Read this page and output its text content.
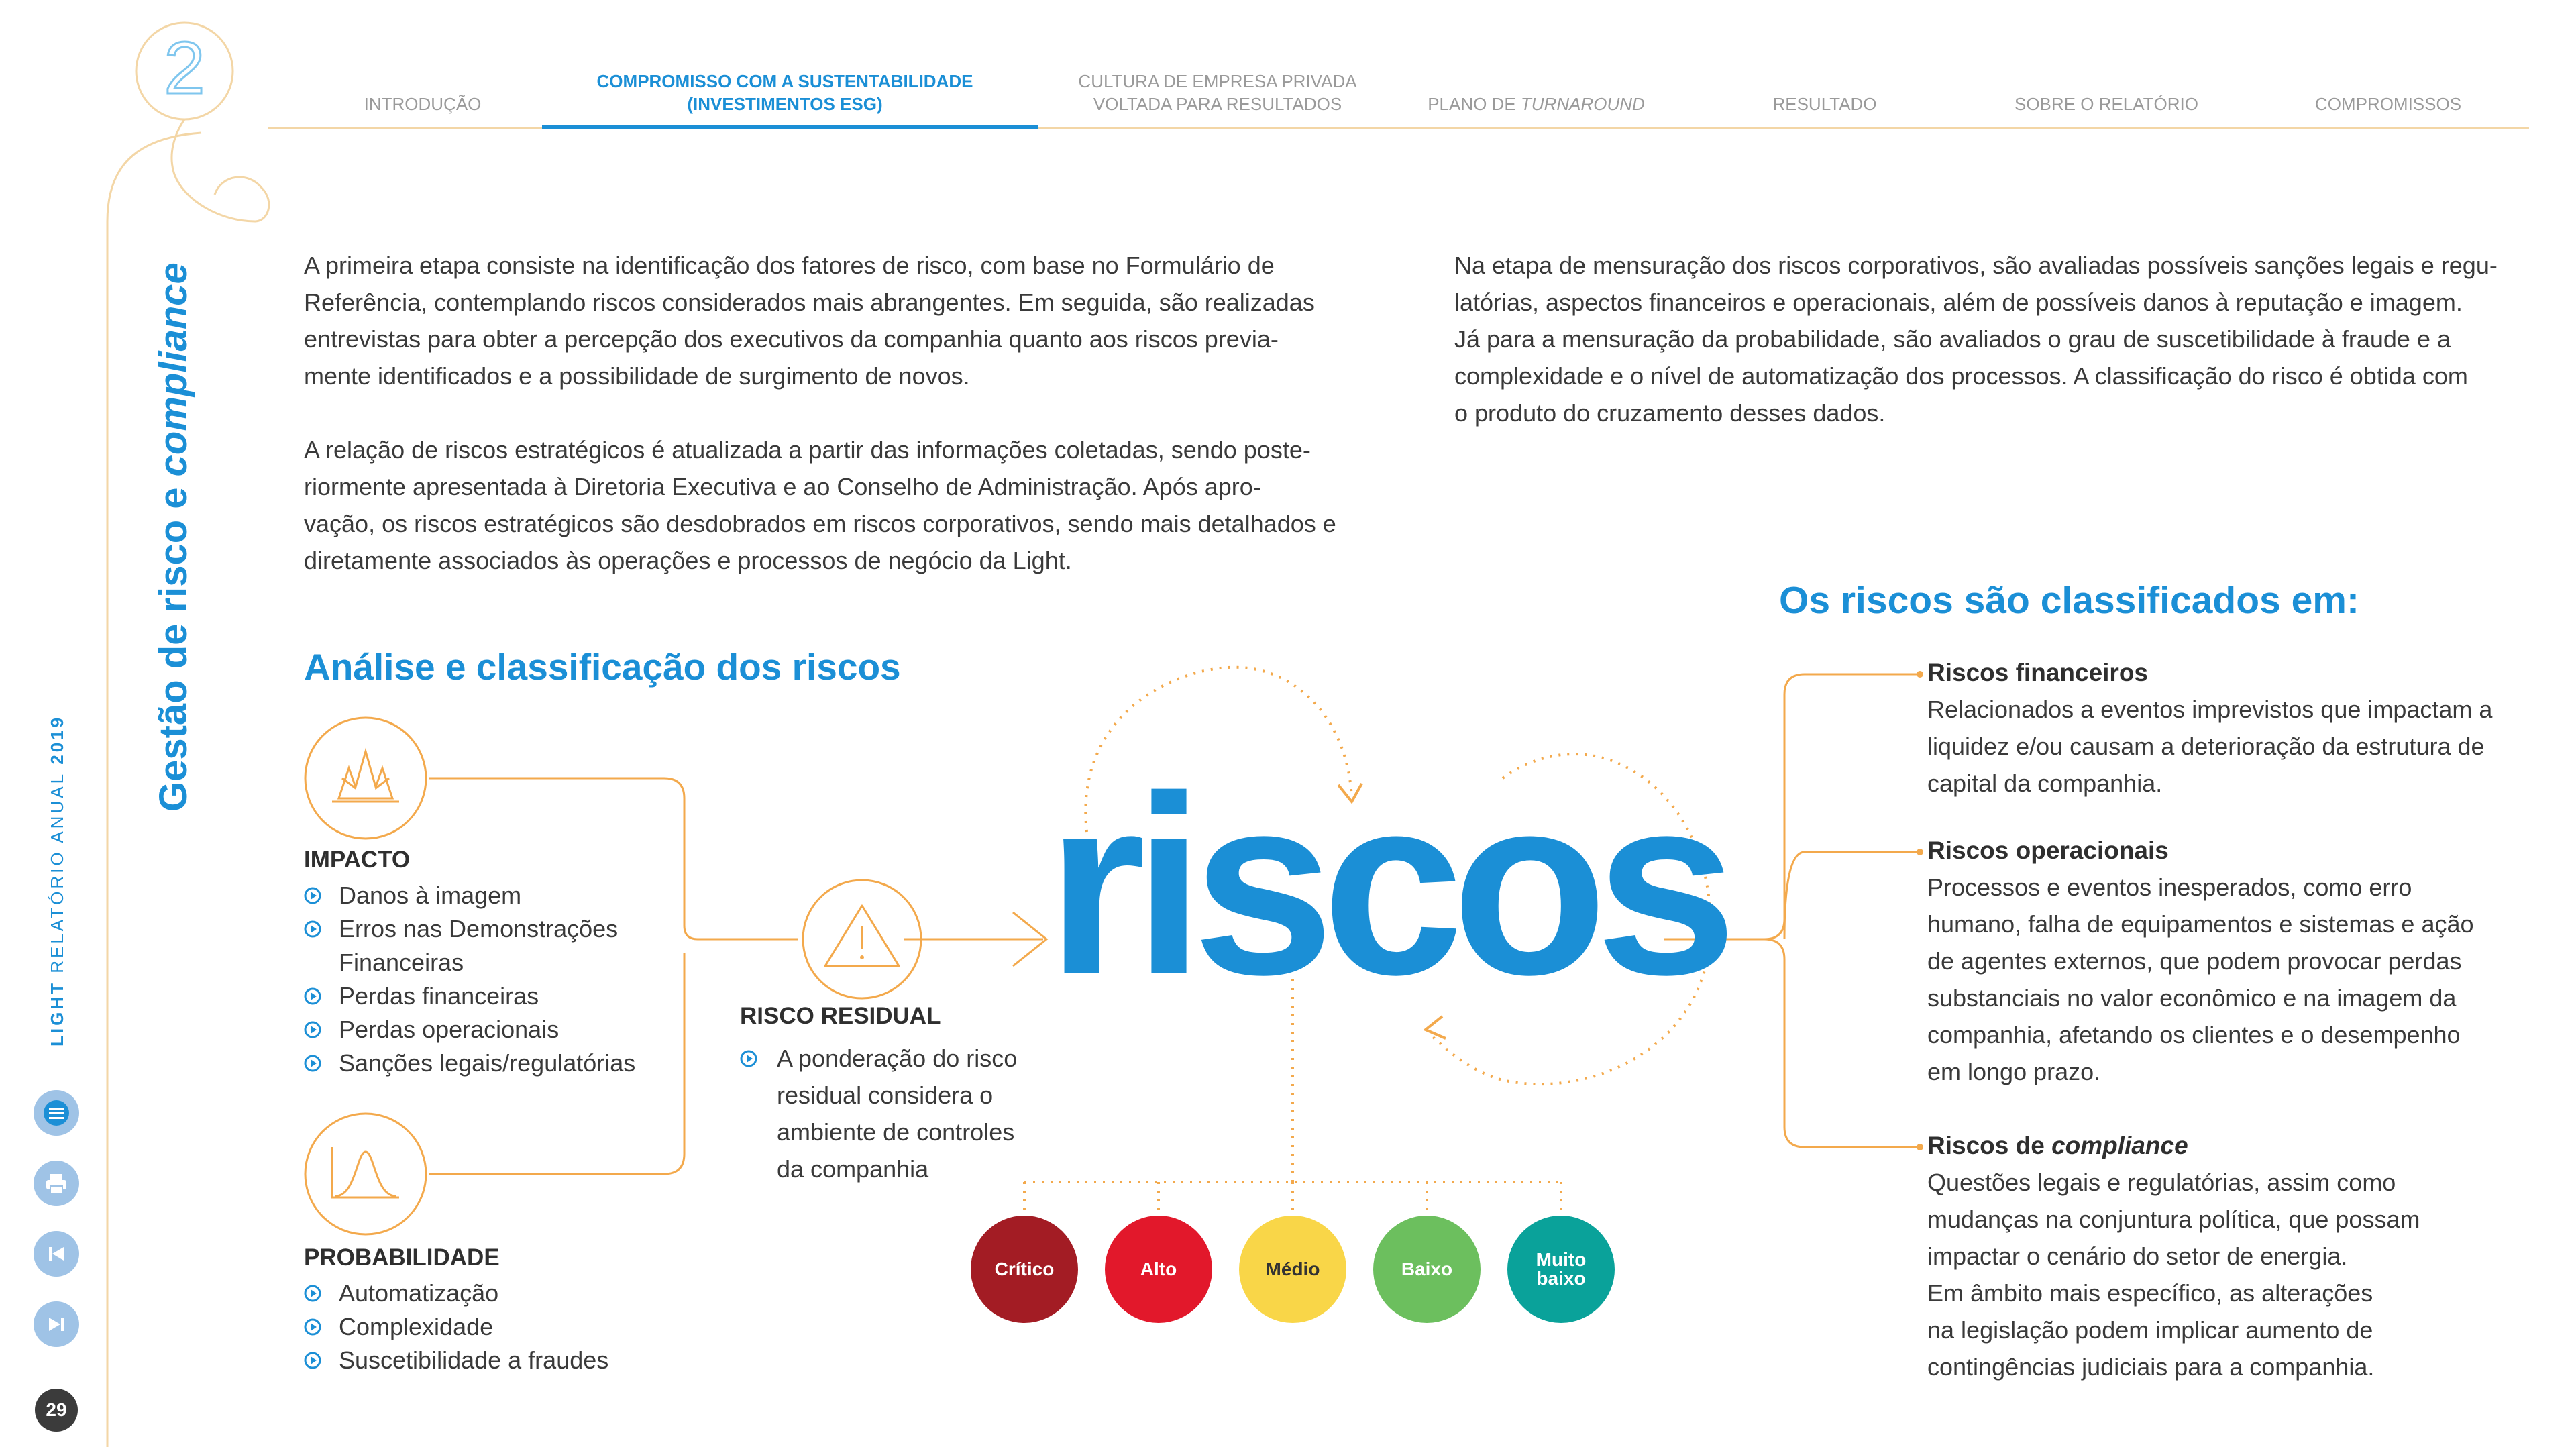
2	INTRODUÇÃO
COMPROMISSO COM A SUSTENTABILIDADE
(INVESTIMENTOS ESG)
CULTURA DE EMPRESA PRIVADA
VOLTADA PARA RESULTADOS	PLANO DE TURNAROUND	RESULTADO	SOBRE O RELATÓRIO	COMPROMISSOS
Gestão de risco e compliance
LIGHT RELATÓRIO ANUAL 2019
29

A primeira etapa consiste na identificação dos fatores de risco, com base no Formulário de
Referência, contemplando riscos considerados mais abrangentes. Em seguida, são realizadas
entrevistas para obter a percepção dos executivos da companhia quanto aos riscos previa-
mente identificados e a possibilidade de surgimento de novos.

A relação de riscos estratégicos é atualizada a partir das informações coletadas, sendo poste-
riormente apresentada à Diretoria Executiva e ao Conselho de Administração. Após apro-
vação, os riscos estratégicos são desdobrados em riscos corporativos, sendo mais detalhados e
diretamente associados às operações e processos de negócio da Light.

Na etapa de mensuração dos riscos corporativos, são avaliadas possíveis sanções legais e regu-
latórias, aspectos financeiros e operacionais, além de possíveis danos à reputação e imagem.
Já para a mensuração da probabilidade, são avaliados o grau de suscetibilidade à fraude e a
complexidade e o nível de automatização dos processos. A classificação do risco é obtida com
o produto do cruzamento desses dados.

Análise e classificação dos riscos
Os riscos são classificados em:
IMPACTO
Danos à imagem
Erros nas Demonstrações
Financeiras
Perdas financeiras
Perdas operacionais
Sanções legais/regulatórias
PROBABILIDADE
Automatização
Complexidade
Suscetibilidade a fraudes
RISCO RESIDUAL
A ponderação do risco
residual considera o
ambiente de controles
da companhia
riscos
Crítico	Alto	Médio	Baixo	Muito
baixo
Riscos financeiros
Relacionados a eventos imprevistos que impactam a
liquidez e/ou causam a deterioração da estrutura de
capital da companhia.
Riscos operacionais
Processos e eventos inesperados, como erro
humano, falha de equipamentos e sistemas e ação
de agentes externos, que podem provocar perdas
substanciais no valor econômico e na imagem da
companhia, afetando os clientes e o desempenho
em longo prazo.
Riscos de compliance
Questões legais e regulatórias, assim como
mudanças na conjuntura política, que possam
impactar o cenário do setor de energia.
Em âmbito mais específico, as alterações
na legislação podem implicar aumento de
contingências judiciais para a companhia.
